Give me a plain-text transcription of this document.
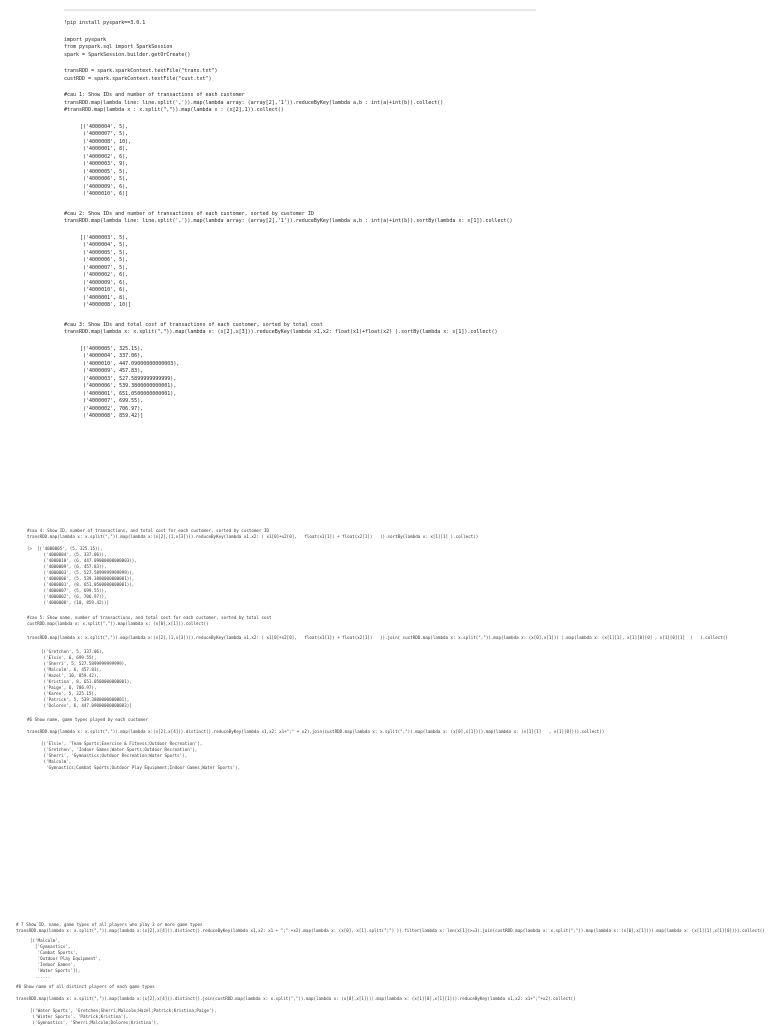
!pip install pyspark==3.0.1
import pyspark
from pyspark.sql import SparkSession
spark = SparkSession.builder.getOrCreate()
transRDD = spark.sparkContext.textFile("trans.txt")
custRDD = spark.sparkContext.textFile("cust.txt")
#cau 1: Show IDs and number of transactions of each customer
transRDD.map(lambda line: line.split(',')).map(lambda array: (array[2],'1')).reduceByKey(lambda a,b : int(a)+int(b)).collect()
#transRDD.map(lambda x : x.split(",")).map(lambda x : (x[2],1)).collect()
[('4000004', 5),
('4000007', 5),
('4000008', 10),
('4000001', 8),
('4000002', 6),
('4000003', 9),
('4000005', 5),
('4000006', 5),
('4000009', 6),
('4000010', 6)]
#cau 2: Show IDs and number of transactions of each customer, sorted by customer ID
transRDD.map(lambda line: line.split(',')).map(lambda array: (array[2],'1')).reduceByKey(lambda a,b : int(a)+int(b)).sortBy(lambda x: x[1]).collect()
[('4000003', 5),
('4000004', 5),
('4000005', 5),
('4000006', 5),
('4000007', 5),
('4000002', 6),
('4000009', 6),
('4000010', 6),
('4000001', 8),
('4000008', 10)]
#cau 3: Show IDs and total cost of transactions of each customer, sorted by total cost
transRDD.map(lambda x: x.split(",")).map(lambda x: (x[2],x[3])).reduceByKey(lambda x1,x2: float(x1)+float(x2) ).sortBy(lambda x: x[1]).collect()
[('4000005', 325.15),
('4000004', 337.06),
('4000010', 447.09000000000003),
('4000009', 457.83),
('4000003', 527.5899999999999),
('4000006', 539.3800000000001),
('4000001', 651.0500000000001),
('4000007', 699.55),
('4000002', 706.97),
('4000008', 859.42)]
#cau 4: Show ID, number of transactions, and total cost for each customer, sorted by customer ID
transRDD.map(lambda x: x.split(",")).map(lambda x:(x[2],(1,x[3]))).reduceByKey(lambda x1,x2: ( x1[0]+x2[0],   float(x1[1]) + float(x2[1])   )).sortBy(lambda x: x[1][1] ).collect()
[> [('4000005', (5, 325.15)),
('4000004', (5, 337.06)),
('4000010', (6, 447.09000000000003)),
('4000009', (6, 457.83)),
('4000003', (5, 527.5899999999999)),
('4000006', (5, 539.3800000000001)),
('4000001', (8, 651.0500000000001)),
('4000007', (5, 699.55)),
('4000002', (6, 706.97)),
('4000008', (10, 859.42))]
#cau 5: Show name, number of transactions, and total cost for each customer, sorted by total cost
custRDD.map(lambda x: x.split(",")).map(lambda x: (x[0],x[1])).collect()
transRDD.map(lambda x: x.split(",")).map(lambda x:(x[2],(1,x[3]))).reduceByKey(lambda x1,x2: ( x1[0]+x2[0],   float(x1[1]) + float(x2[1])   )).join( custRDD.map(lambda x: x.split(",")).map(lambda x: (x[0],x[1])) ).map(lambda x: (x[1][1], x[1][0][0] , x[1][0][1]  )   ).collect()
[('Gretchen', 5, 337.06),
('Elsie', 6, 699.55),
('Sherri', 5, 527.5899999999999),
('Malcolm', 6, 457.83),
('Hazel', 10, 859.42),
('Kristina', 8, 651.0500000000001),
('Paige', 6, 706.97),
('Karen', 5, 325.15),
('Patrick', 5, 539.3800000000001),
('Dolores', 6, 447.09000000000003)]
#6 Show name, game types played by each customer
transRDD.map(lambda x: x.split(",")).map(lambda x:(x[2],x[4])).distinct().reduceByKey(lambda x1,x2: x1+";" + x2).join(custRDD.map(lambda x: x.split(",")).map(lambda x: (x[0],x[1]))).map(lambda x: (x[1][1]   , x[1][0]))).collect()
[('Elsie', 'Team Sports;Exercise & Fitness;Outdoor Recreation'),
('Gretchen', 'Indoor Games;Water Sports;Outdoor Recreation'),
('Sherri', 'Gymnastics;Outdoor Recreation;Water Sports'),
('Malcolm',
'Gymnastics;Combat Sports;Outdoor Play Equipment;Indoor Games;Water Sports'),
# 7 Show ID, name, game types of all players who play 3 or more game types
transRDD.map(lambda x: x.split(",")).map(lambda x:(x[2],x[4])).distinct().reduceByKey(lambda x1,x2: x1 + ";" +x2).map(lambda x: (x[0], x[1].split(";") )).filter(lambda x: len(x[1])>=3).join(custRDD.map(lambda x: x.split(",")).map(lambda x: (x[0],x[1]))).map(lambda x: (x[1][1],x[1][0]))).collect()
[('Malcolm',
['Gymnastics',
'Combat Sports',
'Outdoor Play Equipment',
'Indoor Games',
'Water Sports']),
......
#8 Show name of all distinct players of each game types
transRDD.map(lambda x: x.split(",")).map(lambda x:(x[2],x[4])).distinct().join(custRDD.map(lambda x: x.split(",")).map(lambda x: (x[0],x[1]))).map(lambda x: (x[1][0],x[1][1])).reduceByKey(lambda x1,x2: x1+";"+x2).collect()
[('Water Sports', 'Gretchen;Sherri;Malcolm;Hazel;Patrick;Kristina;Paige'),
('Winter Sports', 'Patrick;Kristina'),
('Gymnastics', 'Sherri;Malcolm;Dolores;Kristina'),
